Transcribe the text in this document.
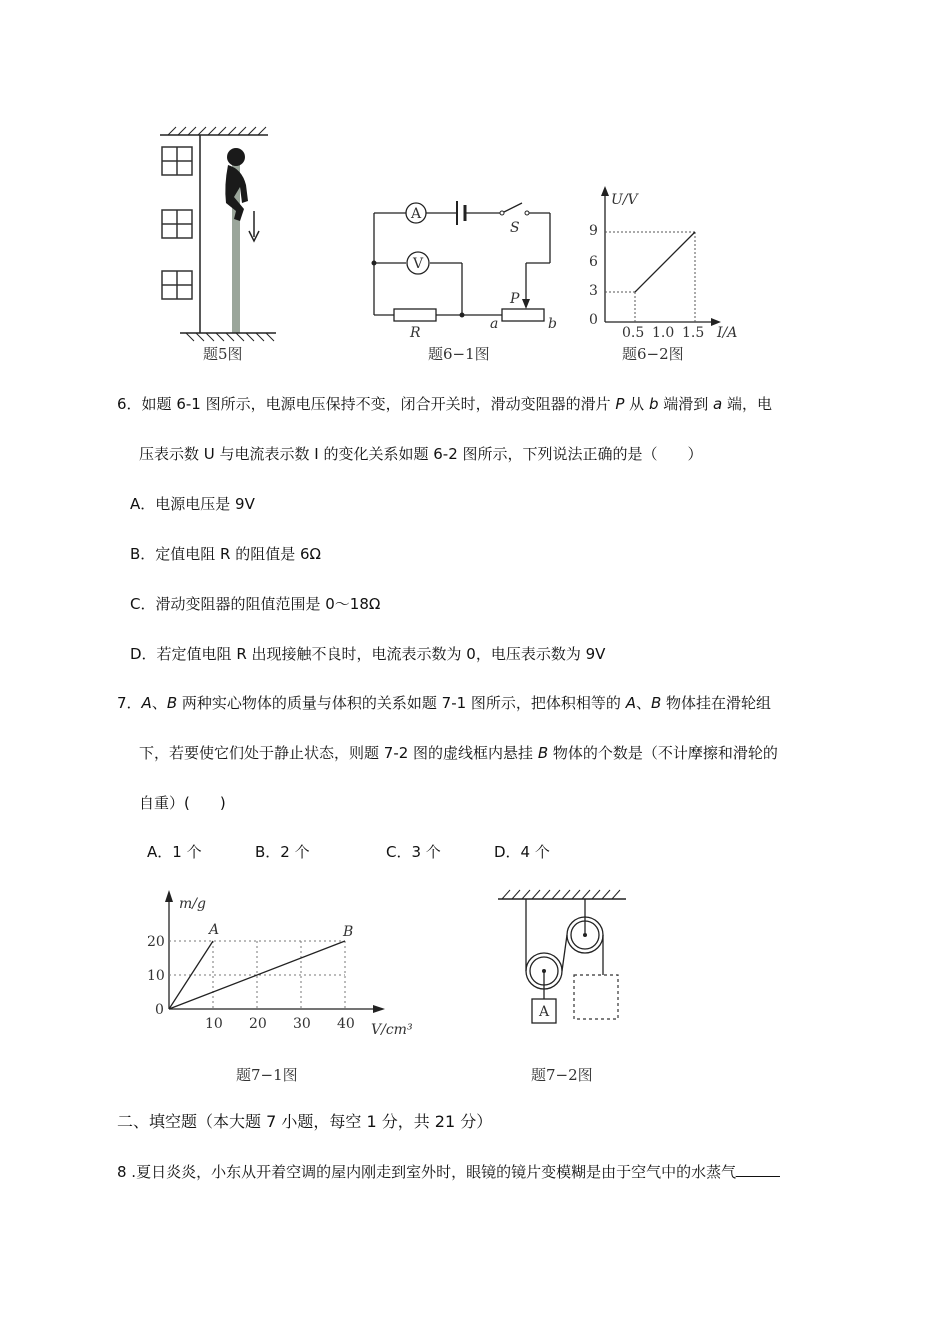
题5图
A
V
S
R
P
a	b
题6−1图
U/V
I/A
9
6
3
0
0.5 1.0 1.5
题6−2图
6．如题 6-1 图所示，电源电压保持不变，闭合开关时，滑动变阻器的滑片 P 从 b 端滑到 a 端，电
压表示数 U 与电流表示数 I 的变化关系如题 6-2 图所示，下列说法正确的是（　　）
A．电源电压是 9V
B．定值电阻 R 的阻值是 6Ω
C．滑动变阻器的阻值范围是 0～18Ω
D．若定值电阻 R 出现接触不良时，电流表示数为 0，电压表示数为 9V
7．A、B 两种实心物体的质量与体积的关系如题 7-1 图所示，把体积相等的 A、B 物体挂在滑轮组
下，若要使它们处于静止状态，则题 7-2 图的虚线框内悬挂 B 物体的个数是（不计摩擦和滑轮的
自重）(　　)
A．1 个	B．2 个	C．3 个	D．4 个
m/g
V/cm³
20
10
0
10 20 30 40
A	B
题7−1图
A
题7−2图
二、填空题（本大题 7 小题，每空 1 分，共 21 分）
8 .夏日炎炎，小东从开着空调的屋内刚走到室外时，眼镜的镜片变模糊是由于空气中的水蒸气
